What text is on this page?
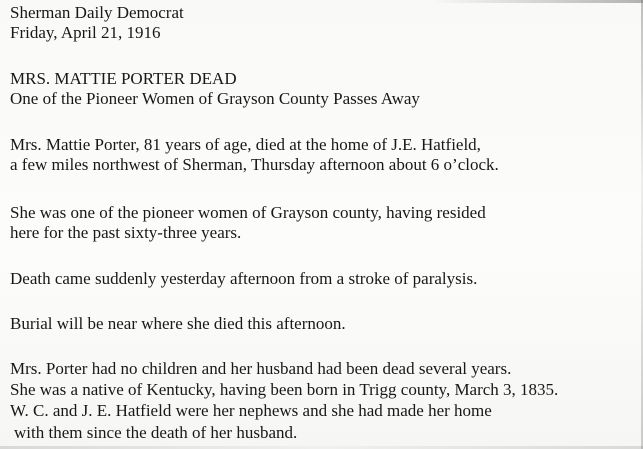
Sherman Daily Democrat

Friday, April 21, 1916

MRS. MATTIE PORTER DEAD

One of the Pioneer Women of Grayson County Passes Away

Mrs. Mattie Porter, 81 years of age, died at the home of J.E. Hatfield,

a few miles northwest of Sherman, Thursday afternoon about 6 o’clock.

She was one of the pioneer women of Grayson county, having resided

here for the past sixty-three years.

Death came suddenly yesterday afternoon from a stroke of paralysis.

Burial will be near where she died this afternoon.

Mrs. Porter had no children and her husband had been dead several years.

She was a native of Kentucky, having been born in Trigg county, March 3, 1835.

W. C. and J. E. Hatfield were her nephews and she had made her home

with them since the death of her husband.
